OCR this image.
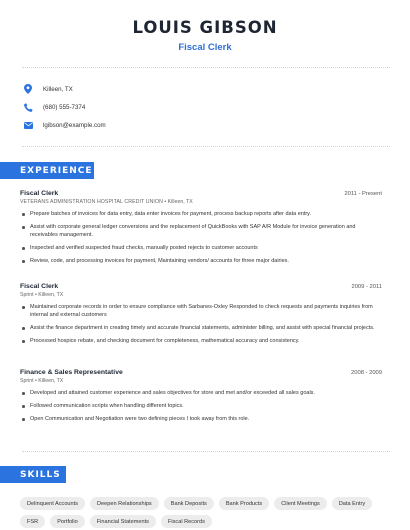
LOUIS GIBSON
Fiscal Clerk
Killeen, TX
(680) 555-7374
lgibson@example.com
EXPERIENCE
Fiscal Clerk	2011 - Present
VETERANS ADMINISTRATION HOSPITAL CREDIT UNION • Killeen, TX
Prepare batches of invoices for data entry, data enter invoices for payment, process backup reports after data entry.
Assist with corporate general ledger conversions and the replacement of QuickBooks with SAP A/R Module for invoice generation and receivables management.
Inspected and verified suspected fraud checks, manually posted rejects to customer accounts
Review, code, and processing invoices for payment, Maintaining vendors/ accounts for three major dairies.
Fiscal Clerk	2009 - 2011
Sprint • Killeen, TX
Maintained corporate records in order to ensure compliance with Sarbanes-Oxley Responded to check requests and payments inquiries from internal and external customers
Assist the finance department in creating timely and accurate financial statements, administer billing, and assist with special financial projects.
Processed hospice rebate, and checking document for completeness, mathematical accuracy and consistency.
Finance & Sales Representative	2008 - 2009
Sprint • Killeen, TX
Developed and attained customer experience and sales objectives for store and met and/or exceeded all sales goals.
Followed communication scripts when handling different topics.
Open Communication and Negotiation were two defining pieces I took away from this role.
SKILLS
Delinquent Accounts	Deepen Relationships	Bank Deposits	Bank Products	Client Meetings	Data Entry
FSR	Portfolio	Financial Statements	Fiscal Records
